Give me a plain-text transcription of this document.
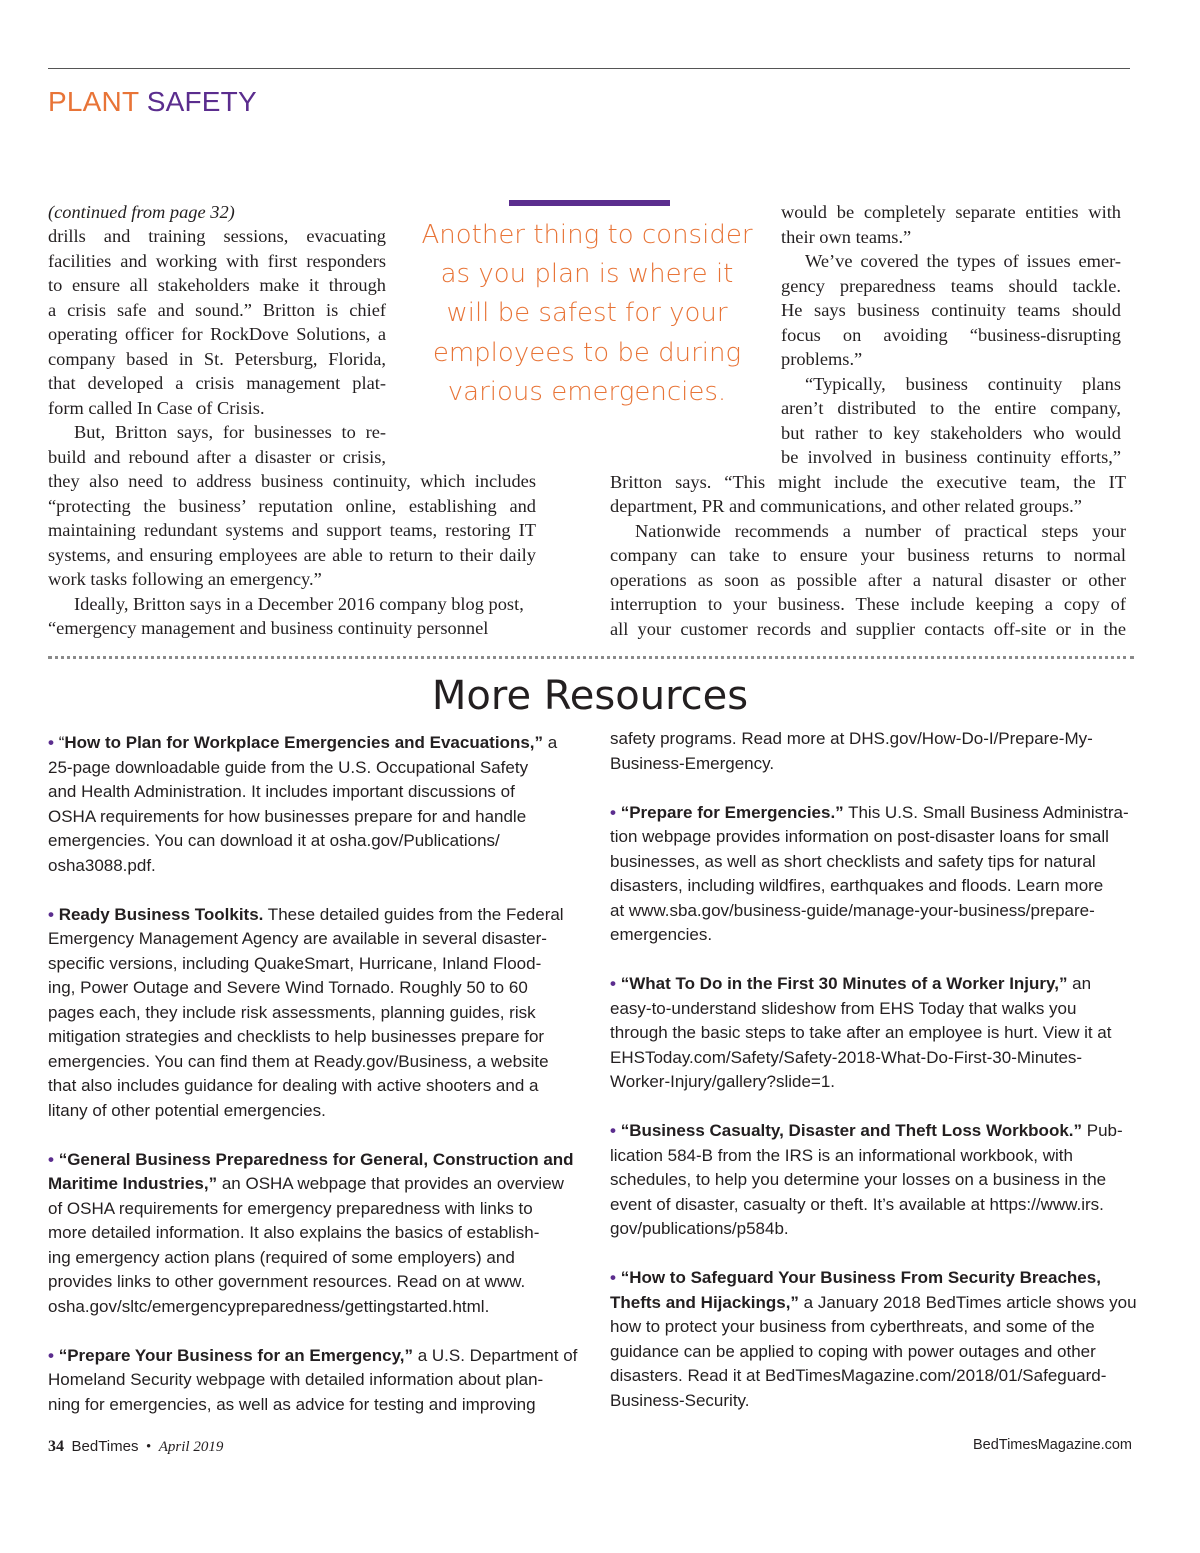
PLANT SAFETY
(continued from page 32)
drills and training sessions, evacuating
facilities and working with first responders
to ensure all stakeholders make it through
a crisis safe and sound.” Britton is chief
operating officer for RockDove Solutions, a
company based in St. Petersburg, Florida,
that developed a crisis management plat-
form called In Case of Crisis.
But, Britton says, for businesses to re-
build and rebound after a disaster or crisis,
they also need to address business continuity, which includes
“protecting the business’ reputation online, establishing and
maintaining redundant systems and support teams, restoring IT
systems, and ensuring employees are able to return to their daily
work tasks following an emergency.”
Ideally, Britton says in a December 2016 company blog post,
“emergency management and business continuity personnel
would be completely separate entities with
their own teams.”
We’ve covered the types of issues emer-
gency preparedness teams should tackle.
He says business continuity teams should
focus on avoiding “business-disrupting
problems.”
“Typically, business continuity plans
aren’t distributed to the entire company,
but rather to key stakeholders who would
be involved in business continuity efforts,”
Britton says. “This might include the executive team, the IT
department, PR and communications, and other related groups.”
Nationwide recommends a number of practical steps your
company can take to ensure your business returns to normal
operations as soon as possible after a natural disaster or other
interruption to your business. These include keeping a copy of
all your customer records and supplier contacts off-site or in the
Another thing to consider
as you plan is where it
will be safest for your
employees to be during
various emergencies.
More Resources
• “How to Plan for Workplace Emergencies and Evacuations,” a
25-page downloadable guide from the U.S. Occupational Safety
and Health Administration. It includes important discussions of
OSHA requirements for how businesses prepare for and handle
emergencies. You can download it at osha.gov/Publications/
osha3088.pdf.
• Ready Business Toolkits. These detailed guides from the Federal
Emergency Management Agency are available in several disaster-
specific versions, including QuakeSmart, Hurricane, Inland Flood-
ing, Power Outage and Severe Wind Tornado. Roughly 50 to 60
pages each, they include risk assessments, planning guides, risk
mitigation strategies and checklists to help businesses prepare for
emergencies. You can find them at Ready.gov/Business, a website
that also includes guidance for dealing with active shooters and a
litany of other potential emergencies.
• “General Business Preparedness for General, Construction and
Maritime Industries,” an OSHA webpage that provides an overview
of OSHA requirements for emergency preparedness with links to
more detailed information. It also explains the basics of establish-
ing emergency action plans (required of some employers) and
provides links to other government resources. Read on at www.
osha.gov/sltc/emergencypreparedness/gettingstarted.html.
• “Prepare Your Business for an Emergency,” a U.S. Department of
Homeland Security webpage with detailed information about plan-
ning for emergencies, as well as advice for testing and improving
safety programs. Read more at DHS.gov/How-Do-I/Prepare-My-
Business-Emergency.
• “Prepare for Emergencies.” This U.S. Small Business Administra-
tion webpage provides information on post-disaster loans for small
businesses, as well as short checklists and safety tips for natural
disasters, including wildfires, earthquakes and floods. Learn more
at www.sba.gov/business-guide/manage-your-business/prepare-
emergencies.
• “What To Do in the First 30 Minutes of a Worker Injury,” an
easy-to-understand slideshow from EHS Today that walks you
through the basic steps to take after an employee is hurt. View it at
EHSToday.com/Safety/Safety-2018-What-Do-First-30-Minutes-
Worker-Injury/gallery?slide=1.
• “Business Casualty, Disaster and Theft Loss Workbook.” Pub-
lication 584-B from the IRS is an informational workbook, with
schedules, to help you determine your losses on a business in the
event of disaster, casualty or theft. It’s available at https://www.irs.
gov/publications/p584b.
• “How to Safeguard Your Business From Security Breaches,
Thefts and Hijackings,” a January 2018 BedTimes article shows you
how to protect your business from cyberthreats, and some of the
guidance can be applied to coping with power outages and other
disasters. Read it at BedTimesMagazine.com/2018/01/Safeguard-
Business-Security.
34 BedTimes • April 2019	BedTimesMagazine.com
